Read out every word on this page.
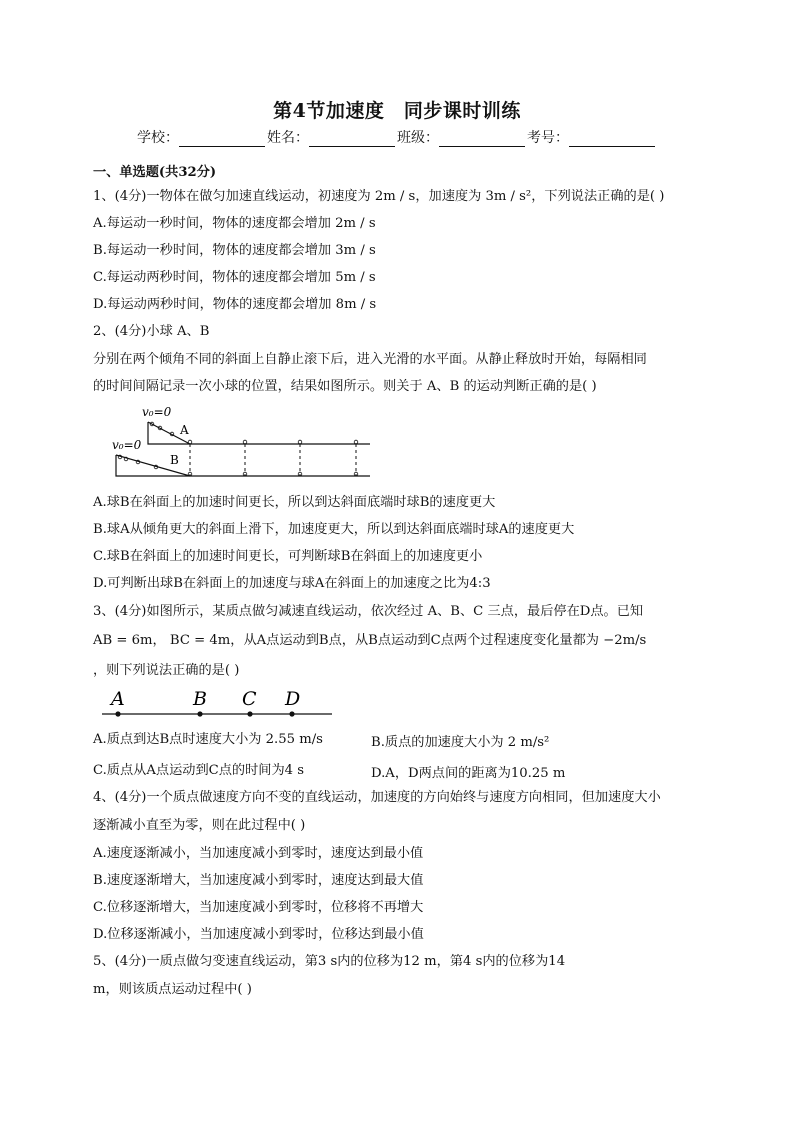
第4节加速度　同步课时训练
学校：	姓名：	班级：	考号：
一、单选题(共32分)
1、(4分)一物体在做匀加速直线运动，初速度为 2m / s，加速度为 3m / s²，下列说法正确的是( )
A.每运动一秒时间，物体的速度都会增加 2m / s
B.每运动一秒时间，物体的速度都会增加 3m / s
C.每运动两秒时间，物体的速度都会增加 5m / s
D.每运动两秒时间，物体的速度都会增加 8m / s
2、(4分)小球 A、B
分别在两个倾角不同的斜面上自静止滚下后，进入光滑的水平面。从静止释放时开始，每隔相同
的时间间隔记录一次小球的位置，结果如图所示。则关于 A、B 的运动判断正确的是( )
v₀=0
v₀=0
A
B
A.球B在斜面上的加速时间更长，所以到达斜面底端时球B的速度更大
B.球A从倾角更大的斜面上滑下，加速度更大，所以到达斜面底端时球A的速度更大
C.球B在斜面上的加速时间更长，可判断球B在斜面上的加速度更小
D.可判断出球B在斜面上的加速度与球A在斜面上的加速度之比为4:3
3、(4分)如图所示，某质点做匀减速直线运动，依次经过 A、B、C 三点，最后停在D点。已知
AB = 6m， BC = 4m，从A点运动到B点，从B点运动到C点两个过程速度变化量都为 −2m/s
，则下列说法正确的是( )
A	B C D
A.质点到达B点时速度大小为 2.55 m/s	B.质点的加速度大小为 2 m/s²
C.质点从A点运动到C点的时间为4 s	D.A，D两点间的距离为10.25 m
4、(4分)一个质点做速度方向不变的直线运动，加速度的方向始终与速度方向相同，但加速度大小
逐渐减小直至为零，则在此过程中( )
A.速度逐渐减小，当加速度减小到零时，速度达到最小值
B.速度逐渐增大，当加速度减小到零时，速度达到最大值
C.位移逐渐增大，当加速度减小到零时，位移将不再增大
D.位移逐渐减小，当加速度减小到零时，位移达到最小值
5、(4分)一质点做匀变速直线运动，第3 s内的位移为12 m，第4 s内的位移为14
m，则该质点运动过程中( )
